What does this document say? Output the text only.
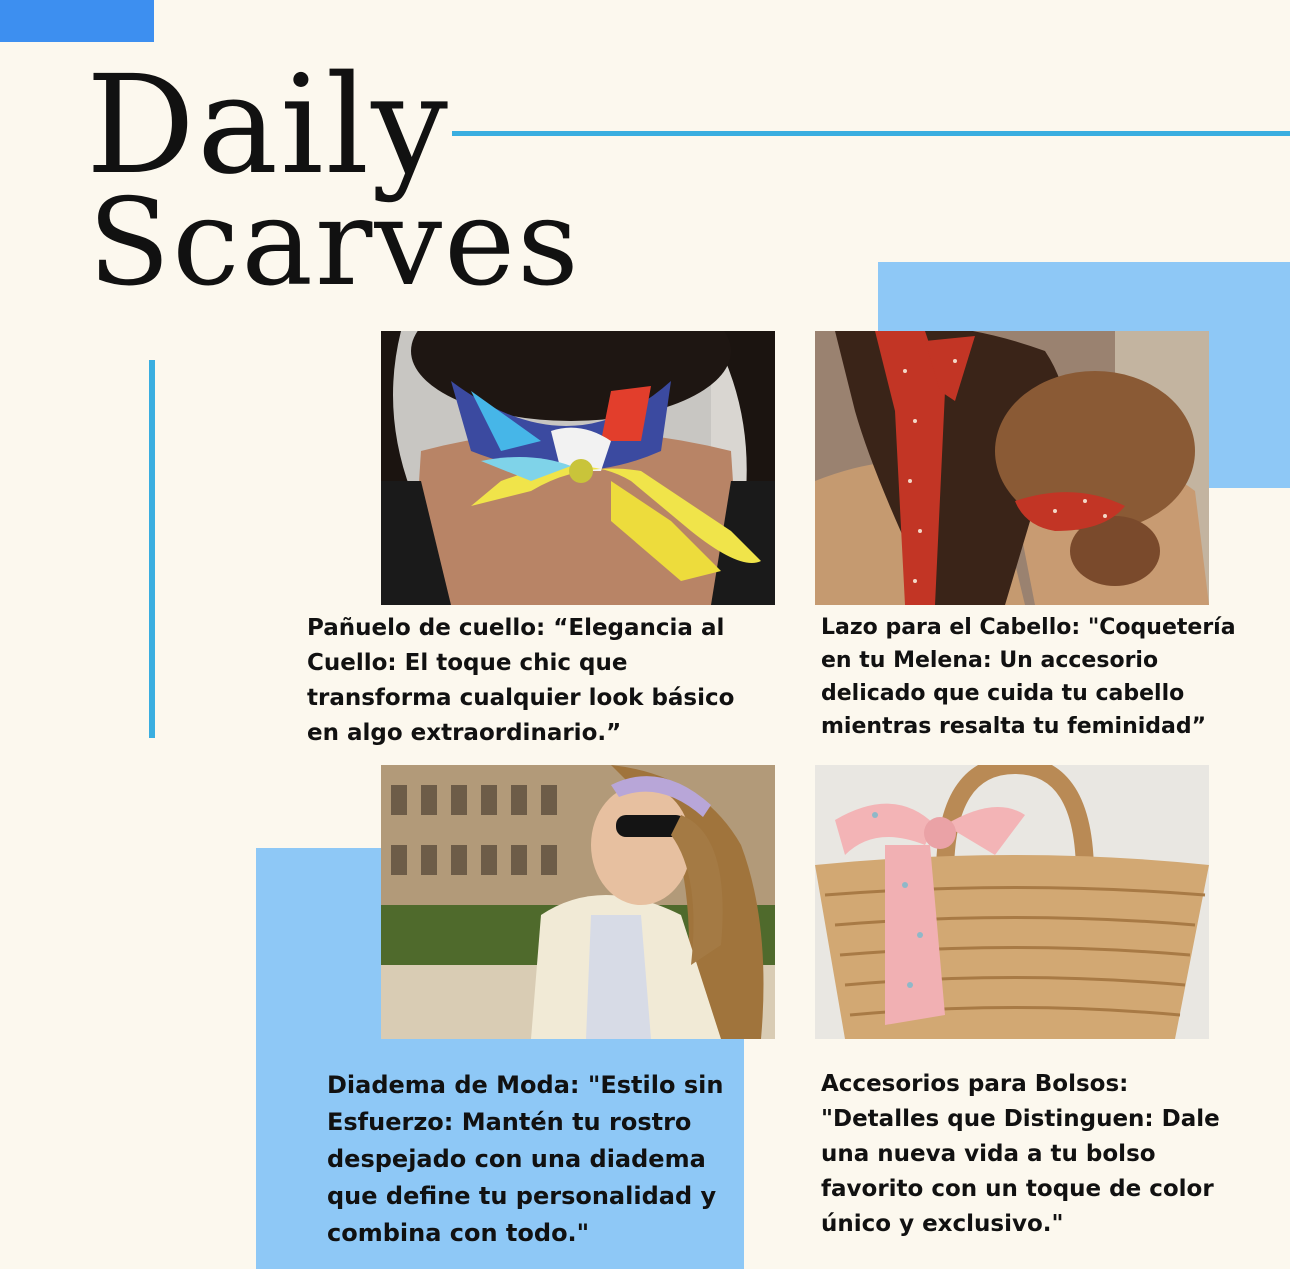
Daily
Scarves

Pañuelo de cuello: “Elegancia al Cuello: El toque chic que transforma cualquier look básico en algo extraordinario.”

Lazo para el Cabello: "Coquetería en tu Melena: Un accesorio delicado que cuida tu cabello mientras resalta tu feminidad”

Diadema de Moda: "Estilo sin Esfuerzo: Mantén tu rostro despejado con una diadema que define tu personalidad y combina con todo."

Accesorios para Bolsos: "Detalles que Distinguen: Dale una nueva vida a tu bolso favorito con un toque de color único y exclusivo."
